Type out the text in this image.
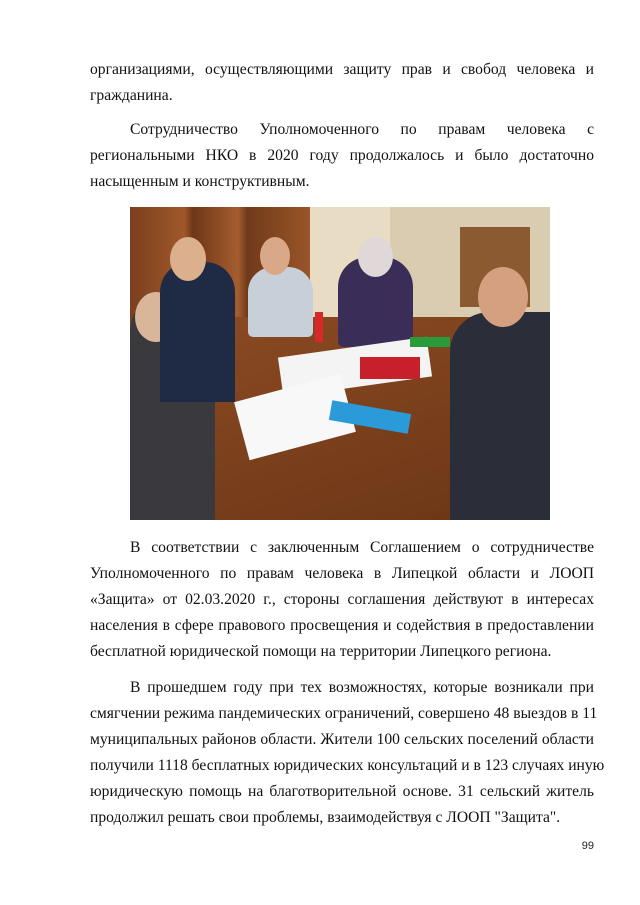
организациями, осуществляющими защиту прав и свобод человека и
гражданина.
Сотрудничество Уполномоченного по правам человека с
региональными НКО в 2020 году продолжалось и было достаточно
насыщенным и конструктивным.
В соответствии с заключенным Соглашением о сотрудничестве
Уполномоченного по правам человека в Липецкой области и ЛООП
«Защита» от 02.03.2020 г., стороны соглашения действуют в интересах
населения в сфере правового просвещения и содействия в предоставлении
бесплатной юридической помощи на территории Липецкого региона.
В прошедшем году при тех возможностях, которые возникали при
смягчении режима пандемических ограничений, совершено 48 выездов в 11
муниципальных районов области. Жители 100 сельских поселений области
получили 1118 бесплатных юридических консультаций и в 123 случаях иную
юридическую помощь на благотворительной основе. 31 сельский житель
продолжил решать свои проблемы, взаимодействуя с ЛООП "Защита".
99
